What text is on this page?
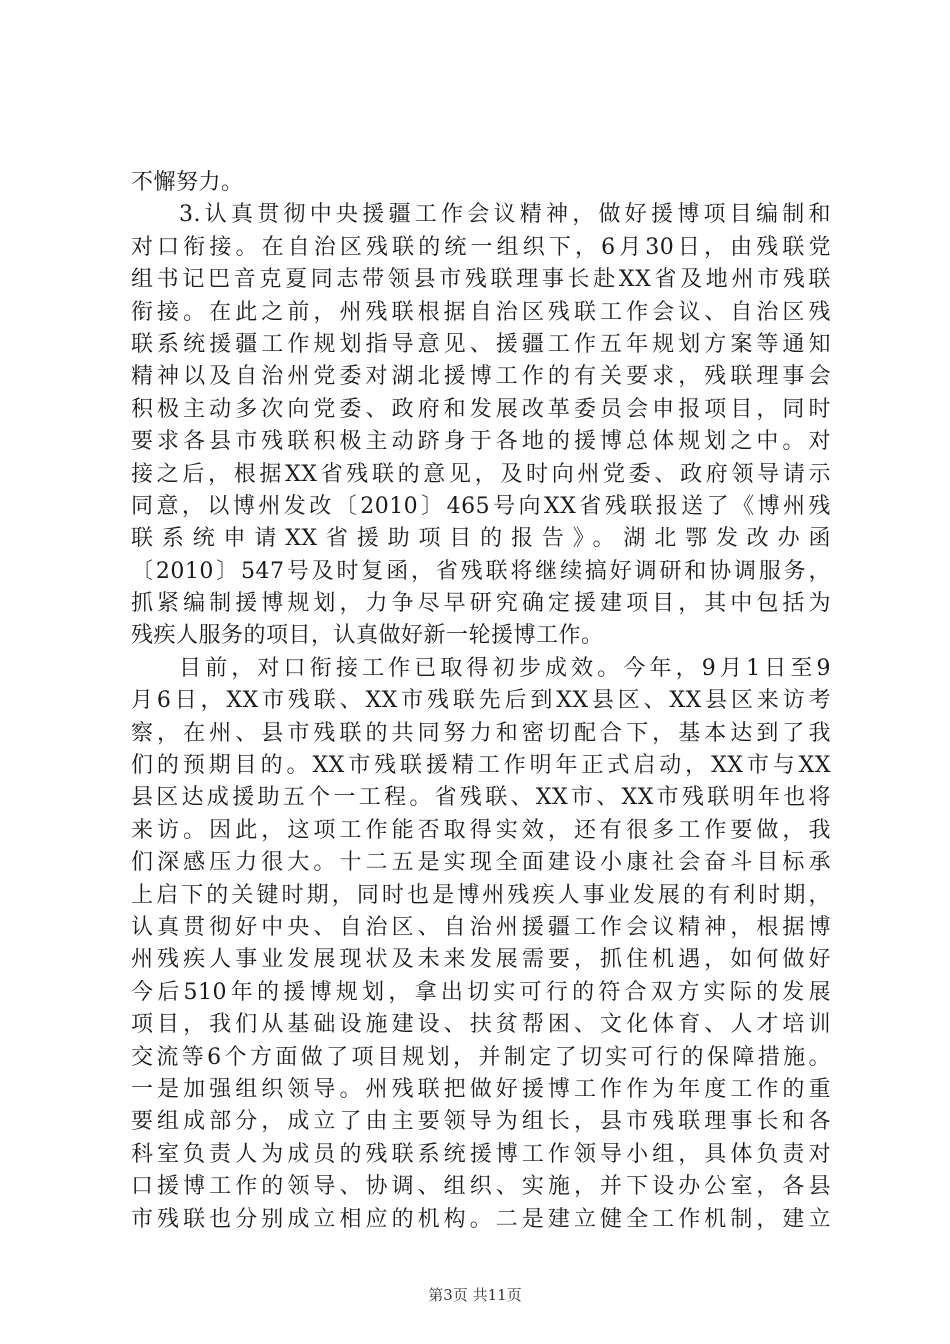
不懈努力。
3.认真贯彻中央援疆工作会议精神，做好援博项目编制和
对口衔接。在自治区残联的统一组织下，6月30日，由残联党
组书记巴音克夏同志带领县市残联理事长赴XX省及地州市残联
衔接。在此之前，州残联根据自治区残联工作会议、自治区残
联系统援疆工作规划指导意见、援疆工作五年规划方案等通知
精神以及自治州党委对湖北援博工作的有关要求，残联理事会
积极主动多次向党委、政府和发展改革委员会申报项目，同时
要求各县市残联积极主动跻身于各地的援博总体规划之中。对
接之后，根据XX省残联的意见，及时向州党委、政府领导请示
同意，以博州发改〔2010〕465号向XX省残联报送了《博州残
联系统申请XX省援助项目的报告》。湖北鄂发改办函
〔2010〕547号及时复函，省残联将继续搞好调研和协调服务，
抓紧编制援博规划，力争尽早研究确定援建项目，其中包括为
残疾人服务的项目，认真做好新一轮援博工作。
目前，对口衔接工作已取得初步成效。今年，9月1日至9
月6日，XX市残联、XX市残联先后到XX县区、XX县区来访考
察，在州、县市残联的共同努力和密切配合下，基本达到了我
们的预期目的。XX市残联援精工作明年正式启动，XX市与XX
县区达成援助五个一工程。省残联、XX市、XX市残联明年也将
来访。因此，这项工作能否取得实效，还有很多工作要做，我
们深感压力很大。十二五是实现全面建设小康社会奋斗目标承
上启下的关键时期，同时也是博州残疾人事业发展的有利时期，
认真贯彻好中央、自治区、自治州援疆工作会议精神，根据博
州残疾人事业发展现状及未来发展需要，抓住机遇，如何做好
今后510年的援博规划，拿出切实可行的符合双方实际的发展
项目，我们从基础设施建设、扶贫帮困、文化体育、人才培训
交流等6个方面做了项目规划，并制定了切实可行的保障措施。
一是加强组织领导。州残联把做好援博工作作为年度工作的重
要组成部分，成立了由主要领导为组长，县市残联理事长和各
科室负责人为成员的残联系统援博工作领导小组，具体负责对
口援博工作的领导、协调、组织、实施，并下设办公室，各县
市残联也分别成立相应的机构。二是建立健全工作机制，建立
第3页 共11页
